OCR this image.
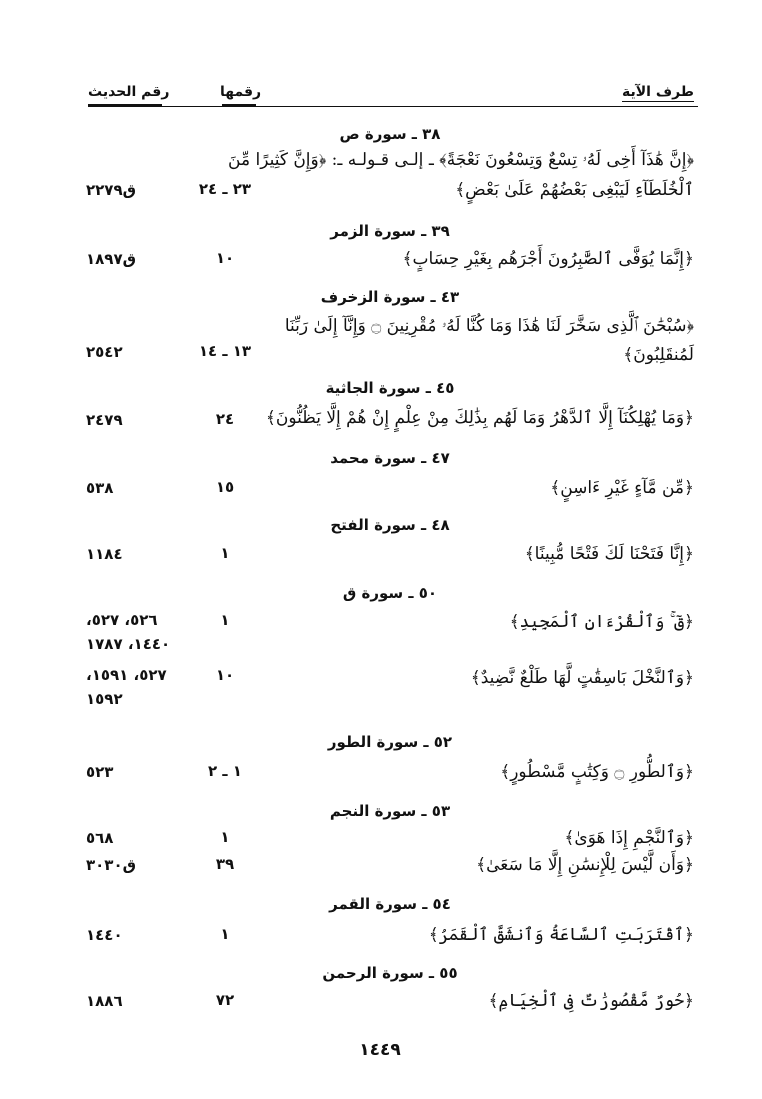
طرف الآية
رقمها
رقم الحديث
٣٨ ـ سورة ص
﴿إِنَّ هَٰذَآ أَخِى لَهُۥ تِسْعٌ وَتِسْعُونَ نَعْجَةً﴾ ـ إلـى قـولـه ـ: ﴿وَإِنَّ كَثِيرًا مِّنَ
ٱلْخُلَطَآءِ لَيَبْغِى بَعْضُهُمْ عَلَىٰ بَعْضٍ﴾
٢٣ ـ ٢٤
ق٢٢٧٩
٣٩ ـ سورة الزمر
﴿إِنَّمَا يُوَفَّى ٱلصَّٰبِرُونَ أَجْرَهُم بِغَيْرِ حِسَابٍ﴾
١٠
ق١٨٩٧
٤٣ ـ سورة الزخرف
﴿سُبْحَٰنَ ٱلَّذِى سَخَّرَ لَنَا هَٰذَا وَمَا كُنَّا لَهُۥ مُقْرِنِينَ ۝ وَإِنَّآ إِلَىٰ رَبِّنَا
لَمُنقَلِبُونَ﴾
١٣ ـ ١٤
٢٥٤٢
٤٥ ـ سورة الجاثية
﴿وَمَا يُهْلِكُنَآ إِلَّا ٱلدَّهْرُ وَمَا لَهُم بِذَٰلِكَ مِنْ عِلْمٍ إِنْ هُمْ إِلَّا يَظُنُّونَ﴾
٢٤
٢٤٧٩
٤٧ ـ سورة محمد
﴿مِّن مَّآءٍ غَيْرِ ءَاسِنٍ﴾
١٥
٥٣٨
٤٨ ـ سورة الفتح
﴿إِنَّا فَتَحْنَا لَكَ فَتْحًا مُّبِينًا﴾
١
١١٨٤
٥٠ ـ سورة ق
﴿قٓ ۚ وَٱلْقُرْءَانِ ٱلْمَجِيدِ﴾
١
٥٢٦، ٥٢٧،
١٤٤٠، ١٧٨٧
﴿وَٱلنَّخْلَ بَاسِقَٰتٍ لَّهَا طَلْعٌ نَّضِيدٌ﴾
١٠
٥٢٧، ١٥٩١،
١٥٩٢
٥٢ ـ سورة الطور
﴿وَٱلطُّورِ ۝ وَكِتَٰبٍ مَّسْطُورٍ﴾
١ ـ ٢
٥٢٣
٥٣ ـ سورة النجم
﴿وَٱلنَّجْمِ إِذَا هَوَىٰ﴾
١
٥٦٨
﴿وَأَن لَّيْسَ لِلْإِنسَٰنِ إِلَّا مَا سَعَىٰ﴾
٣٩
ق٣٠٣٠
٥٤ ـ سورة القمر
﴿ٱقْتَرَبَتِ ٱلسَّاعَةُ وَٱنشَقَّ ٱلْقَمَرُ﴾
١
١٤٤٠
٥٥ ـ سورة الرحمن
﴿حُورٌ مَّقْصُورَٰتٌ فِى ٱلْخِيَامِ﴾
٧٢
١٨٨٦
١٤٤٩
